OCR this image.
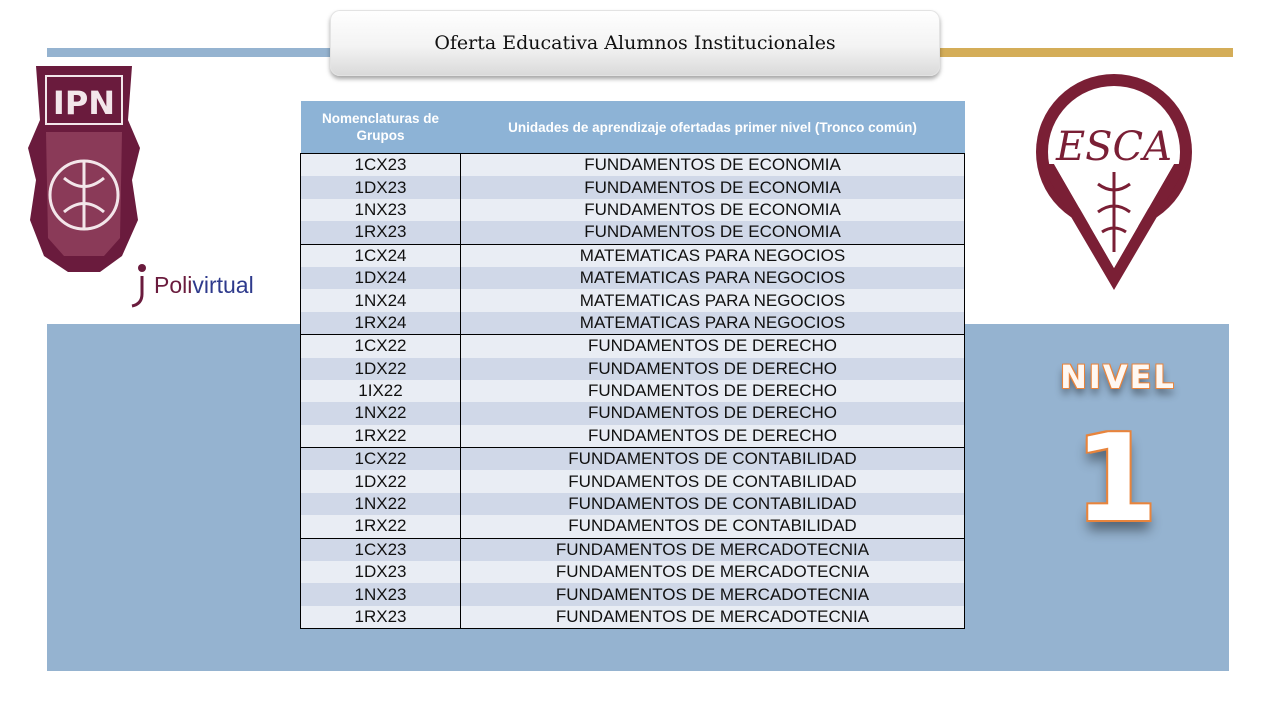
Oferta Educativa Alumnos Institucionales
IPN
Polivirtual
ESCA
NIVEL
1
Nomenclaturas de Grupos	Unidades de aprendizaje ofertadas primer nivel (Tronco común)
1CX23	FUNDAMENTOS DE ECONOMIA
1DX23	FUNDAMENTOS DE ECONOMIA
1NX23	FUNDAMENTOS DE ECONOMIA
1RX23	FUNDAMENTOS DE ECONOMIA
1CX24	MATEMATICAS PARA NEGOCIOS
1DX24	MATEMATICAS PARA NEGOCIOS
1NX24	MATEMATICAS PARA NEGOCIOS
1RX24	MATEMATICAS PARA NEGOCIOS
1CX22	FUNDAMENTOS DE DERECHO
1DX22	FUNDAMENTOS DE DERECHO
1IX22	FUNDAMENTOS DE DERECHO
1NX22	FUNDAMENTOS DE DERECHO
1RX22	FUNDAMENTOS DE DERECHO
1CX22	FUNDAMENTOS DE CONTABILIDAD
1DX22	FUNDAMENTOS DE CONTABILIDAD
1NX22	FUNDAMENTOS DE CONTABILIDAD
1RX22	FUNDAMENTOS DE CONTABILIDAD
1CX23	FUNDAMENTOS DE MERCADOTECNIA
1DX23	FUNDAMENTOS DE MERCADOTECNIA
1NX23	FUNDAMENTOS DE MERCADOTECNIA
1RX23	FUNDAMENTOS DE MERCADOTECNIA
